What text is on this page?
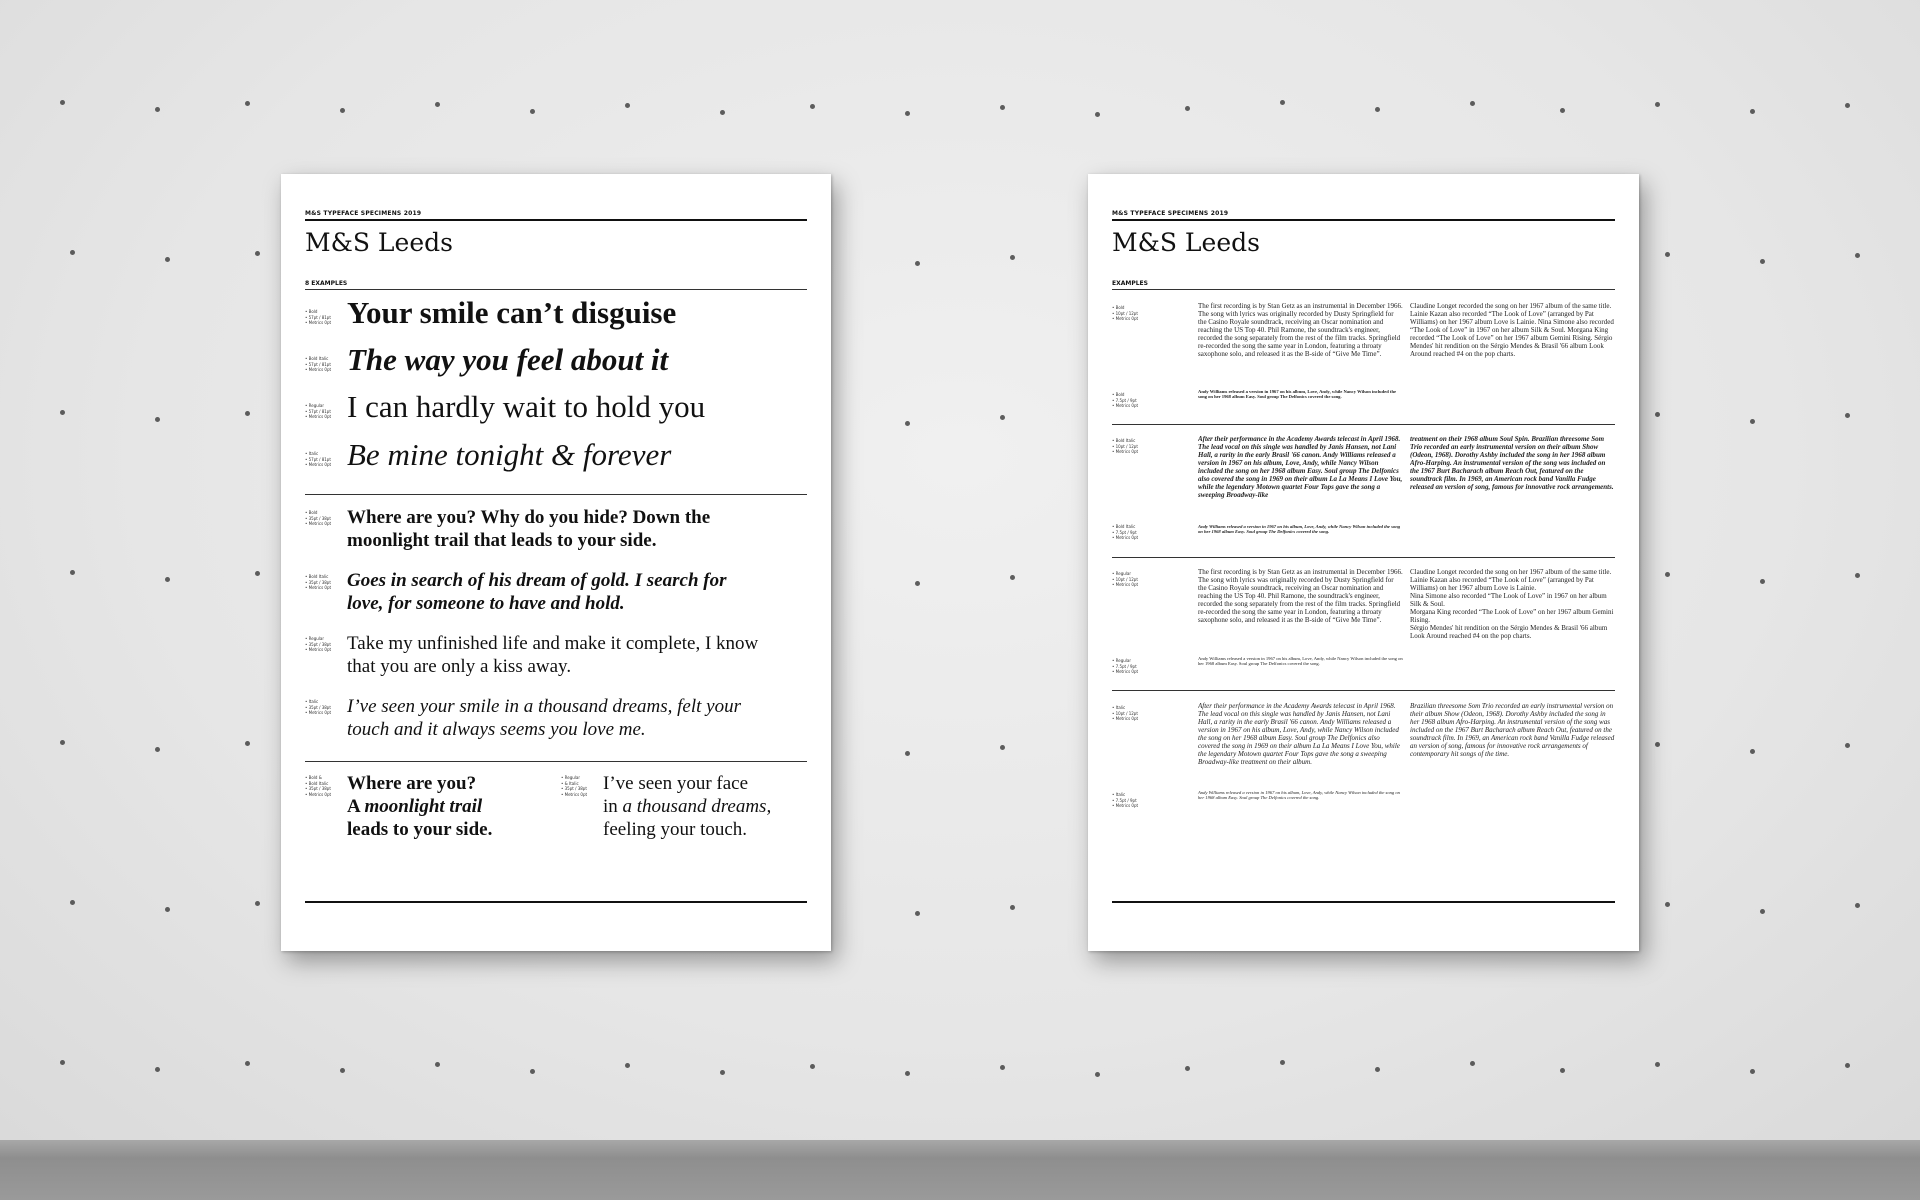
M&S TYPEFACE SPECIMENS 2019
M&S Leeds
8 EXAMPLES
• Bold
• 57pt / 81pt
• Metrics 0pt Your smile can’t disguise
• Bold Italic
• 57pt / 81pt
• Metrics 0pt The way you feel about it
• Regular
• 57pt / 81pt
• Metrics 0pt I can hardly wait to hold you
• Italic
• 57pt / 81pt
• Metrics 0pt Be mine tonight & forever
• Bold
• 35pt / 38pt
• Metrics 0pt Where are you? Why do you hide? Down the moonlight trail that leads to your side.
• Bold Italic
• 35pt / 38pt
• Metrics 0pt Goes in search of his dream of gold. I search for love, for someone to have and hold.
• Regular
• 35pt / 38pt
• Metrics 0pt Take my unfinished life and make it complete, I know that you are only a kiss away.
• Italic
• 35pt / 38pt
• Metrics 0pt I’ve seen your smile in a thousand dreams, felt your touch and it always seems you love me.
• Bold &
• Bold Italic
• 35pt / 38pt
• Metrics 0pt Where are you?
A moonlight trail
leads to your side.
• Regular
• & Italic
• 35pt / 38pt
• Metrics 0pt I’ve seen your face
in a thousand dreams,
feeling your touch.
M&S TYPEFACE SPECIMENS 2019
M&S Leeds
EXAMPLES
• Bold
• 10pt / 12pt
• Metrics 0pt
The first recording is by Stan Getz as an instrumental in December 1966. The song with lyrics was originally recorded by Dusty Springfield for the Casino Royale soundtrack, receiving an Oscar nomination and reaching the US Top 40. Phil Ramone, the soundtrack's engineer, recorded the song separately from the rest of the film tracks. Springfield re-recorded the song the same year in London, featuring a throaty saxophone solo, and released it as the B-side of “Give Me Time”.
Claudine Longet recorded the song on her 1967 album of the same title. Lainie Kazan also recorded “The Look of Love” (arranged by Pat Williams) on her 1967 album Love is Lainie. Nina Simone also recorded “The Look of Love” in 1967 on her album Silk & Soul. Morgana King recorded “The Look of Love” on her 1967 album Gemini Rising. Sérgio Mendes' hit rendition on the Sérgio Mendes & Brasil '66 album Look Around reached #4 on the pop charts.
• Bold
• 7.5pt / 9pt
• Metrics 0pt
Andy Williams released a version in 1967 on his album, Love, Andy, while Nancy Wilson included the song on her 1968 album Easy. Soul group The Delfonics covered the song.
• Bold Italic
• 10pt / 12pt
• Metrics 0pt
After their performance in the Academy Awards telecast in April 1968. The lead vocal on this single was handled by Janis Hansen, not Lani Hall, a rarity in the early Brasil '66 canon. Andy Williams released a version in 1967 on his album, Love, Andy, while Nancy Wilson included the song on her 1968 album Easy. Soul group The Delfonics also covered the song in 1969 on their album La La Means I Love You, while the legendary Motown quartet Four Tops gave the song a sweeping Broadway-like
treatment on their 1968 album Soul Spin. Brazilian threesome Som Trio recorded an early instrumental version on their album Show (Odeon, 1968). Dorothy Ashby included the song in her 1968 album Afro-Harping. An instrumental version of the song was included on the 1967 Burt Bacharach album Reach Out, featured on the soundtrack film. In 1969, an American rock band Vanilla Fudge released an version of song, famous for innovative rock arrangements.
• Bold Italic
• 7.5pt / 9pt
• Metrics 0pt
Andy Williams released a version in 1967 on his album, Love, Andy, while Nancy Wilson included the song on her 1968 album Easy. Soul group The Delfonics covered the song.
• Regular
• 10pt / 12pt
• Metrics 0pt
The first recording is by Stan Getz as an instrumental in December 1966. The song with lyrics was originally recorded by Dusty Springfield for the Casino Royale soundtrack, receiving an Oscar nomination and reaching the US Top 40. Phil Ramone, the soundtrack's engineer, recorded the song separately from the rest of the film tracks. Springfield re-recorded the song the same year in London, featuring a throaty saxophone solo, and released it as the B-side of “Give Me Time”.
Claudine Longet recorded the song on her 1967 album of the same title. Lainie Kazan also recorded “The Look of Love” (arranged by Pat Williams) on her 1967 album Love is Lainie.
Nina Simone also recorded “The Look of Love” in 1967 on her album Silk & Soul.
Morgana King recorded “The Look of Love” on her 1967 album Gemini Rising.
Sérgio Mendes' hit rendition on the Sérgio Mendes & Brasil '66 album Look Around reached #4 on the pop charts.
• Regular
• 7.5pt / 9pt
• Metrics 0pt
Andy Williams released a version in 1967 on his album, Love, Andy, while Nancy Wilson included the song on her 1968 album Easy. Soul group The Delfonics covered the song.
• Italic
• 10pt / 12pt
• Metrics 0pt
After their performance in the Academy Awards telecast in April 1968. The lead vocal on this single was handled by Janis Hansen, not Lani Hall, a rarity in the early Brasil '66 canon. Andy Williams released a version in 1967 on his album, Love, Andy, while Nancy Wilson included the song on her 1968 album Easy. Soul group The Delfonics also covered the song in 1969 on their album La La Means I Love You, while the legendary Motown quartet Four Tops gave the song a sweeping Broadway-like treatment on their album.
Brazilian threesome Som Trio recorded an early instrumental version on their album Show (Odeon, 1968). Dorothy Ashby included the song in her 1968 album Afro-Harping. An instrumental version of the song was included on the 1967 Burt Bacharach album Reach Out, featured on the soundtrack film. In 1969, an American rock band Vanilla Fudge released an version of song, famous for innovative rock arrangements of contemporary hit songs of the time.
• Italic
• 7.5pt / 9pt
• Metrics 0pt
Andy Williams released a version in 1967 on his album, Love, Andy, while Nancy Wilson included the song on her 1968 album Easy. Soul group The Delfonics covered the song.
